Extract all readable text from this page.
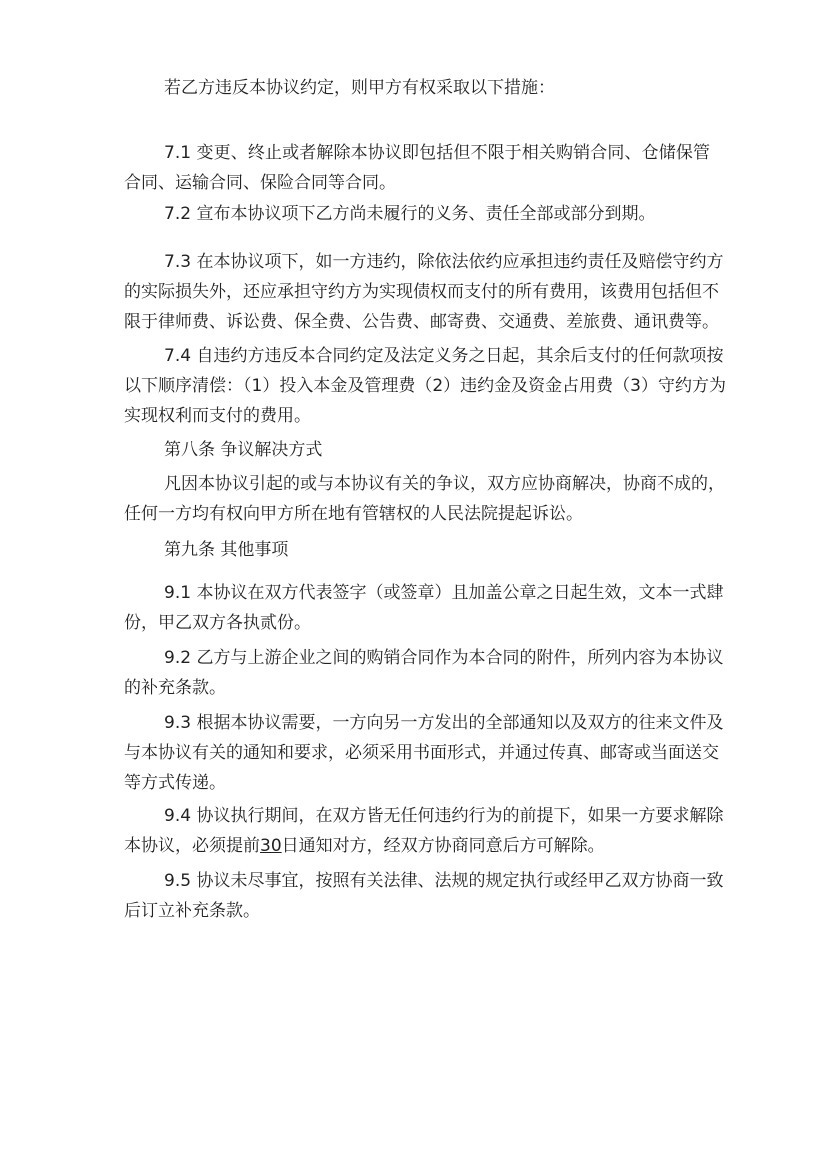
若乙方违反本协议约定，则甲方有权采取以下措施：
7.1 变更、终止或者解除本协议即包括但不限于相关购销合同、仓储保管
合同、运输合同、保险合同等合同。
7.2 宣布本协议项下乙方尚未履行的义务、责任全部或部分到期。
7.3 在本协议项下，如一方违约，除依法依约应承担违约责任及赔偿守约方
的实际损失外，还应承担守约方为实现债权而支付的所有费用，该费用包括但不
限于律师费、诉讼费、保全费、公告费、邮寄费、交通费、差旅费、通讯费等。
7.4 自违约方违反本合同约定及法定义务之日起，其余后支付的任何款项按
以下顺序清偿：（1）投入本金及管理费（2）违约金及资金占用费（3）守约方为
实现权利而支付的费用。
第八条 争议解决方式
凡因本协议引起的或与本协议有关的争议，双方应协商解决，协商不成的，
任何一方均有权向甲方所在地有管辖权的人民法院提起诉讼。
第九条 其他事项
9.1 本协议在双方代表签字（或签章）且加盖公章之日起生效，文本一式肆
份，甲乙双方各执贰份。
9.2 乙方与上游企业之间的购销合同作为本合同的附件，所列内容为本协议
的补充条款。
9.3 根据本协议需要，一方向另一方发出的全部通知以及双方的往来文件及
与本协议有关的通知和要求，必须采用书面形式，并通过传真、邮寄或当面送交
等方式传递。
9.4 协议执行期间，在双方皆无任何违约行为的前提下，如果一方要求解除
本协议，必须提前30日通知对方，经双方协商同意后方可解除。
9.5 协议未尽事宜，按照有关法律、法规的规定执行或经甲乙双方协商一致
后订立补充条款。
